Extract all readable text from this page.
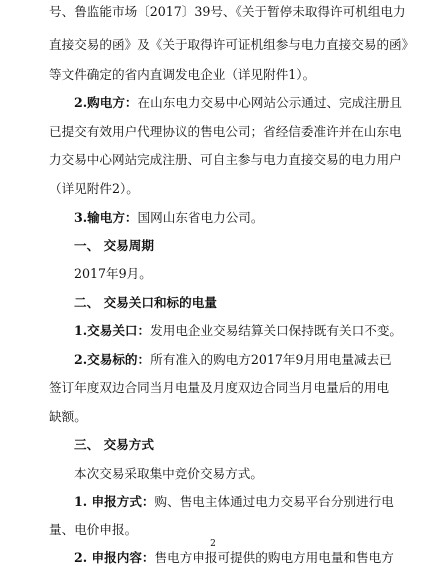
号、鲁监能市场〔2017〕39号、《关于暂停未取得许可机组电力
直接交易的函》及《关于取得许可证机组参与电力直接交易的函》
等文件确定的省内直调发电企业（详见附件1）。
2.购电方：在山东电力交易中心网站公示通过、完成注册且
已提交有效用户代理协议的售电公司；省经信委准许并在山东电
力交易中心网站完成注册、可自主参与电力直接交易的电力用户
（详见附件2）。
3.输电方：国网山东省电力公司。
一、 交易周期
2017年9月。
二、 交易关口和标的电量
1.交易关口：发用电企业交易结算关口保持既有关口不变。
2.交易标的：所有准入的购电方2017年9月用电量减去已
签订年度双边合同当月电量及月度双边合同当月电量后的用电
缺额。
三、 交易方式
本次交易采取集中竞价交易方式。
1. 申报方式：购、售电主体通过电力交易平台分别进行电
量、电价申报。
2. 申报内容：售电方申报可提供的购电方用电量和售电方
2
